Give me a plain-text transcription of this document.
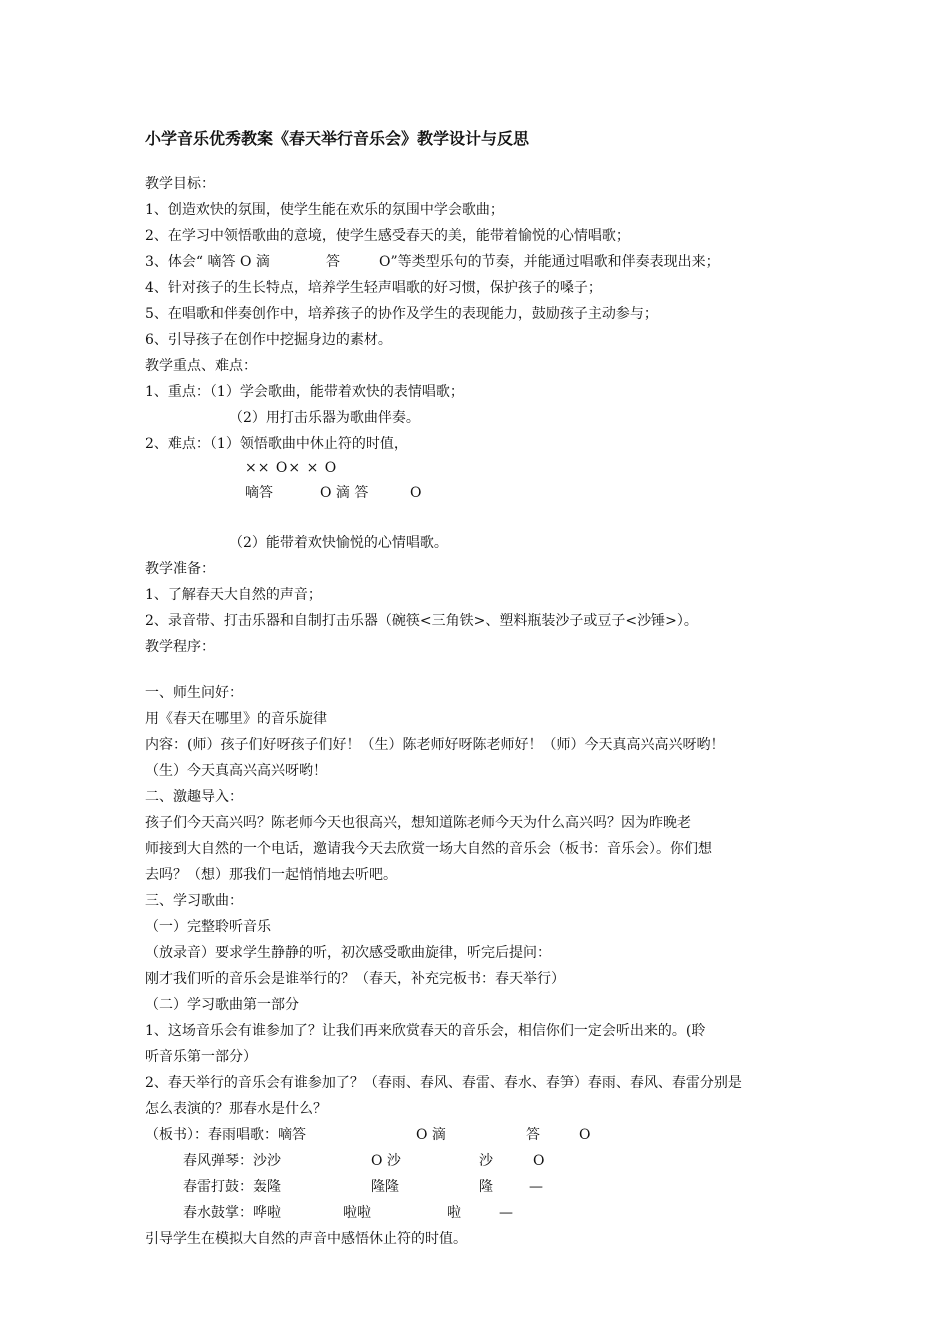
小学音乐优秀教案《春天举行音乐会》教学设计与反思
教学目标：
1、创造欢快的氛围，使学生能在欢乐的氛围中学会歌曲；
2、在学习中领悟歌曲的意境，使学生感受春天的美，能带着愉悦的心情唱歌；
3、体会“ 嘀答 O 滴	答	O”等类型乐句的节奏，并能通过唱歌和伴奏表现出来；
4、针对孩子的生长特点，培养学生轻声唱歌的好习惯，保护孩子的嗓子；
5、在唱歌和伴奏创作中，培养孩子的协作及学生的表现能力，鼓励孩子主动参与；
6、引导孩子在创作中挖掘身边的素材。
教学重点、难点：
1、重点：（1）学会歌曲，能带着欢快的表情唱歌；
（2）用打击乐器为歌曲伴奏。
2、难点：（1）领悟歌曲中休止符的时值，
×× O× × O
嘀答	O 滴 答	O
（2）能带着欢快愉悦的心情唱歌。
教学准备：
1、了解春天大自然的声音；
2、录音带、打击乐器和自制打击乐器（碗筷<三角铁>、塑料瓶装沙子或豆子<沙锤>）。
教学程序：
一、师生问好：
用《春天在哪里》的音乐旋律
内容：(师）孩子们好呀孩子们好！（生）陈老师好呀陈老师好！（师）今天真高兴高兴呀哟！
（生）今天真高兴高兴呀哟！
二、激趣导入：
孩子们今天高兴吗？陈老师今天也很高兴，想知道陈老师今天为什么高兴吗？因为昨晚老
师接到大自然的一个电话，邀请我今天去欣赏一场大自然的音乐会（板书：音乐会）。你们想
去吗？（想）那我们一起悄悄地去听吧。
三、学习歌曲：
（一）完整聆听音乐
（放录音）要求学生静静的听，初次感受歌曲旋律，听完后提问：
刚才我们听的音乐会是谁举行的？（春天，补充完板书：春天举行）
（二）学习歌曲第一部分
1、这场音乐会有谁参加了？让我们再来欣赏春天的音乐会，相信你们一定会听出来的。(聆
听音乐第一部分）
2、春天举行的音乐会有谁参加了？（春雨、春风、春雷、春水、春笋）春雨、春风、春雷分别是
怎么表演的？那春水是什么？
（板书）：春雨唱歌：嘀答	O 滴	答	O
春风弹琴：沙沙	O 沙	沙	O
春雷打鼓：轰隆	隆隆	隆	—
春水鼓掌：哗啦	啦啦	啦	—
引导学生在模拟大自然的声音中感悟休止符的时值。
